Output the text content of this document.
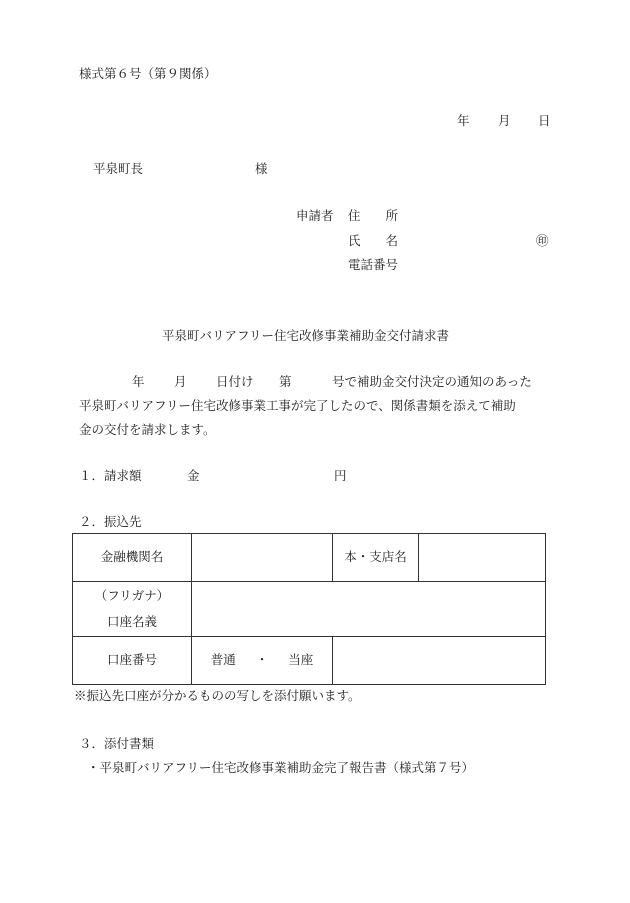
様式第６号（第９関係）
年 月 日
平泉町長	様
申請者 住　　所
氏　　名	㊞
電話番号
平泉町バリアフリー住宅改修事業補助金交付請求書
年 月 日付け 第	号で補助金交付決定の通知のあった
平泉町バリアフリー住宅改修事業工事が完了したので、関係書類を添えて補助
金の交付を請求します。
１．請求額	金	円
２．振込先
金融機関名		本・支店名	

（フリガナ）
口座名義			

口座番号	普通 ・ 当座		
※振込先口座が分かるものの写しを添付願います。
３．添付書類
・平泉町バリアフリー住宅改修事業補助金完了報告書（様式第７号）
